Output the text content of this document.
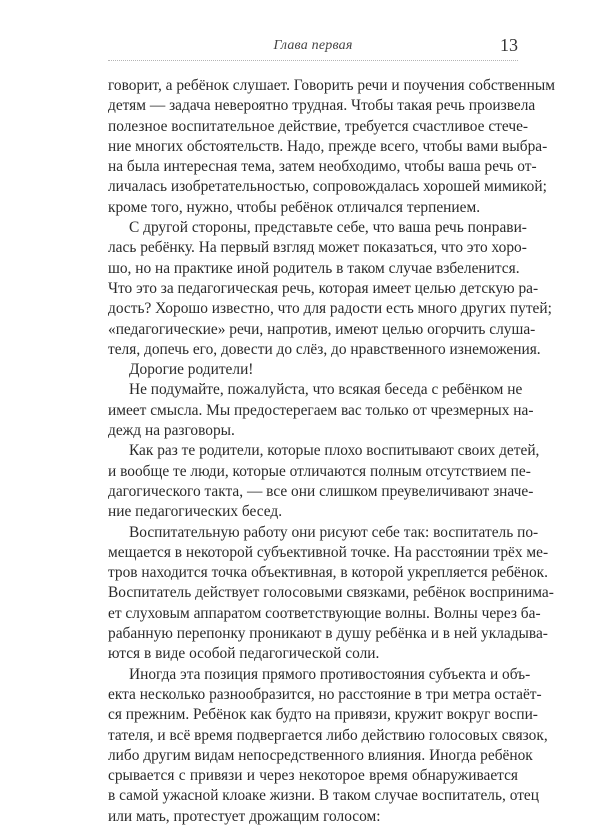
Глава первая	13
говорит, а ребёнок слушает. Говорить речи и поучения собственным
детям — задача невероятно трудная. Чтобы такая речь произвела
полезное воспитательное действие, требуется счастливое стече-
ние многих обстоятельств. Надо, прежде всего, чтобы вами выбра-
на была интересная тема, затем необходимо, чтобы ваша речь от-
личалась изобретательностью, сопровождалась хорошей мимикой;
кроме того, нужно, чтобы ребёнок отличался терпением.
С другой стороны, представьте себе, что ваша речь понрави-
лась ребёнку. На первый взгляд может показаться, что это хоро-
шо, но на практике иной родитель в таком случае взбеленится.
Что это за педагогическая речь, которая имеет целью детскую ра-
дость? Хорошо известно, что для радости есть много других путей;
«педагогические» речи, напротив, имеют целью огорчить слуша-
теля, допечь его, довести до слёз, до нравственного изнеможения.
Дорогие родители!
Не подумайте, пожалуйста, что всякая беседа с ребёнком не
имеет смысла. Мы предостерегаем вас только от чрезмерных на-
дежд на разговоры.
Как раз те родители, которые плохо воспитывают своих детей,
и вообще те люди, которые отличаются полным отсутствием пе-
дагогического такта, — все они слишком преувеличивают значе-
ние педагогических бесед.
Воспитательную работу они рисуют себе так: воспитатель по-
мещается в некоторой субъективной точке. На расстоянии трёх ме-
тров находится точка объективная, в которой укрепляется ребёнок.
Воспитатель действует голосовыми связками, ребёнок воспринима-
ет слуховым аппаратом соответствующие волны. Волны через ба-
рабанную перепонку проникают в душу ребёнка и в ней укладыва-
ются в виде особой педагогической соли.
Иногда эта позиция прямого противостояния субъекта и объ-
екта несколько разнообразится, но расстояние в три метра остаёт-
ся прежним. Ребёнок как будто на привязи, кружит вокруг воспи-
тателя, и всё время подвергается либо действию голосовых связок,
либо другим видам непосредственного влияния. Иногда ребёнок
срывается с привязи и через некоторое время обнаруживается
в самой ужасной клоаке жизни. В таком случае воспитатель, отец
или мать, протестует дрожащим голосом:
